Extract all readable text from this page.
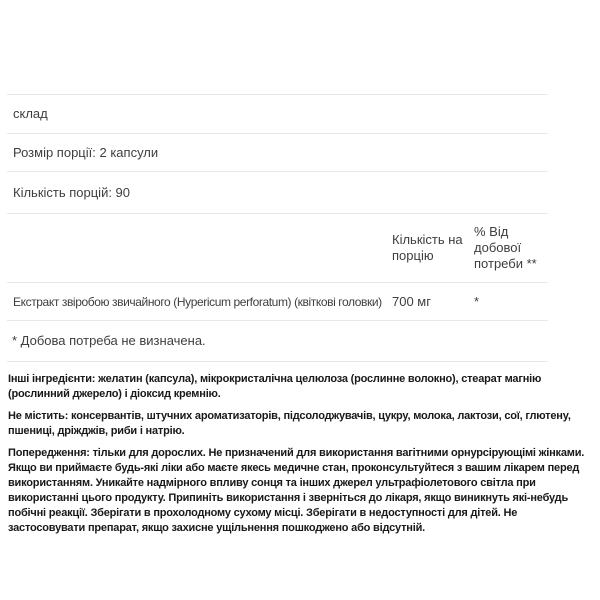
склад
Розмір порції: 2 капсули
Кількість порцій: 90
Кількість на порцію
% Від добової потреби **
Екстракт звіробою звичайного (Hypericum perforatum) (квіткові головки) 700 мг	*
* Добова потреба не визначена.

Інші інгредієнти: желатин (капсула), мікрокристалічна целюлоза (рослинне волокно), стеарат магнію (рослинний джерело) і діоксид кремнію.

Не містить: консервантів, штучних ароматизаторів, підсолоджувачів, цукру, молока, лактози, сої, глютену, пшениці, дріжджів, риби і натрію.

Попередження: тільки для дорослих. Не призначений для використання вагітними орнурсірующімі жінками. Якщо ви приймаєте будь-які ліки або маєте якесь медичне стан, проконсультуйтеся з вашим лікарем перед використанням. Уникайте надмірного впливу сонця та інших джерел ультрафіолетового світла при використанні цього продукту. Припиніть використання і зверніться до лікаря, якщо виникнуть які-небудь побічні реакції. Зберігати в прохолодному сухому місці. Зберігати в недоступності для дітей. Не застосовувати препарат, якщо захисне ущільнення пошкоджено або відсутній.
